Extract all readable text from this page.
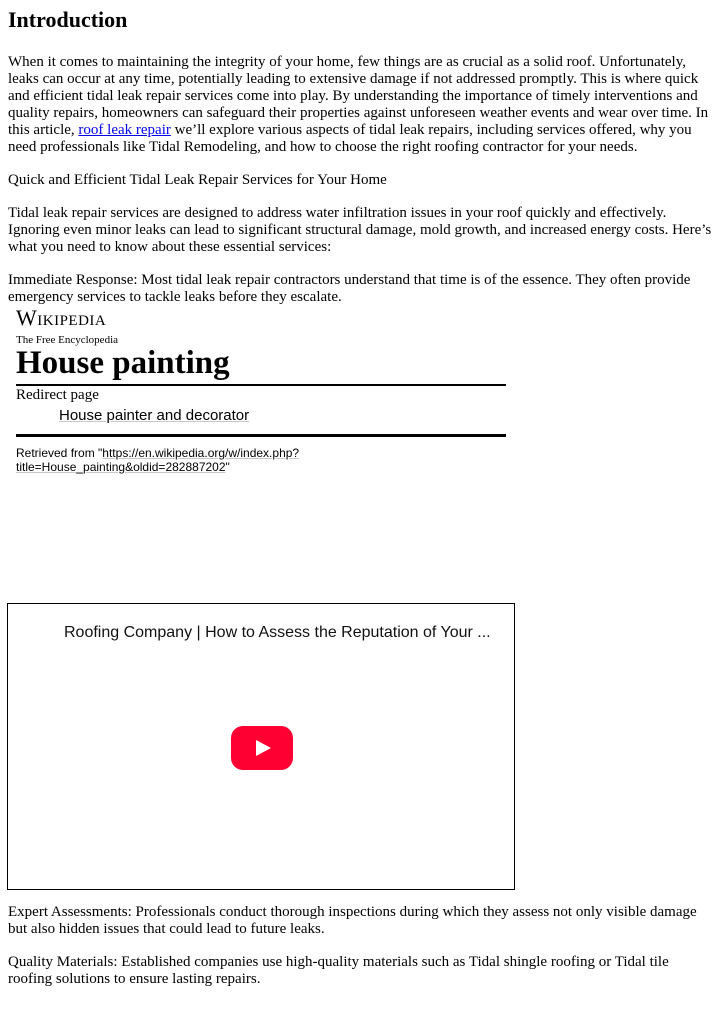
Introduction

When it comes to maintaining the integrity of your home, few things are as crucial as a solid roof. Unfortunately, leaks can occur at any time, potentially leading to extensive damage if not addressed promptly. This is where quick and efficient tidal leak repair services come into play. By understanding the importance of timely interventions and quality repairs, homeowners can safeguard their properties against unforeseen weather events and wear over time. In this article, roof leak repair we’ll explore various aspects of tidal leak repairs, including services offered, why you need professionals like Tidal Remodeling, and how to choose the right roofing contractor for your needs.

Quick and Efficient Tidal Leak Repair Services for Your Home

Tidal leak repair services are designed to address water infiltration issues in your roof quickly and effectively. Ignoring even minor leaks can lead to significant structural damage, mold growth, and increased energy costs. Here’s what you need to know about these essential services:

Immediate Response: Most tidal leak repair contractors understand that time is of the essence. They often provide emergency services to tackle leaks before they escalate.

Wikipedia
The Free Encyclopedia
House painting
Redirect page
House painter and decorator
Retrieved from "https://en.wikipedia.org/w/index.php?title=House_painting&oldid=282887202"
Roofing Company | How to Assess the Reputation of Your ...

Expert Assessments: Professionals conduct thorough inspections during which they assess not only visible damage but also hidden issues that could lead to future leaks.

Quality Materials: Established companies use high-quality materials such as Tidal shingle roofing or Tidal tile roofing solutions to ensure lasting repairs.
